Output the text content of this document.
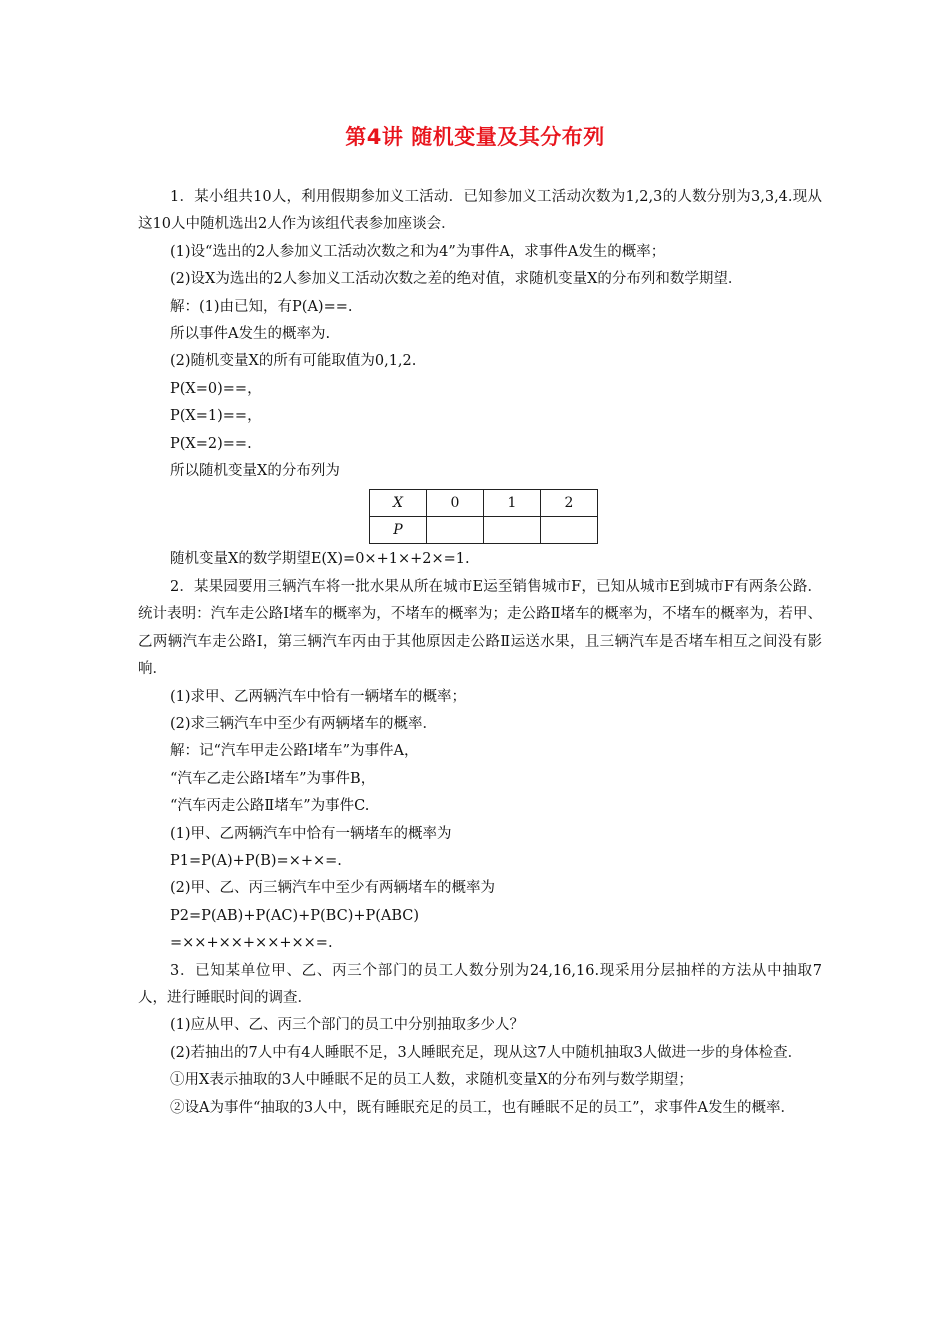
第4讲 随机变量及其分布列

1．某小组共10人，利用假期参加义工活动．已知参加义工活动次数为1,2,3的人数分别为3,3,4.现从这10人中随机选出2人作为该组代表参加座谈会．

(1)设“选出的2人参加义工活动次数之和为4”为事件A，求事件A发生的概率；

(2)设X为选出的2人参加义工活动次数之差的绝对值，求随机变量X的分布列和数学期望．

解：(1)由已知，有P(A)==.

所以事件A发生的概率为.

(2)随机变量X的所有可能取值为0,1,2.

P(X=0)==，

P(X=1)==，

P(X=2)==.

所以随机变量X的分布列为

X	0	1	2
P			

随机变量X的数学期望E(X)=0×+1×+2×=1.

2．某果园要用三辆汽车将一批水果从所在城市E运至销售城市F，已知从城市E到城市F有两条公路．统计表明：汽车走公路Ⅰ堵车的概率为，不堵车的概率为；走公路Ⅱ堵车的概率为，不堵车的概率为，若甲、乙两辆汽车走公路Ⅰ，第三辆汽车丙由于其他原因走公路Ⅱ运送水果，且三辆汽车是否堵车相互之间没有影响．

(1)求甲、乙两辆汽车中恰有一辆堵车的概率；

(2)求三辆汽车中至少有两辆堵车的概率．

解：记“汽车甲走公路Ⅰ堵车”为事件A，

“汽车乙走公路Ⅰ堵车”为事件B，

“汽车丙走公路Ⅱ堵车”为事件C.

(1)甲、乙两辆汽车中恰有一辆堵车的概率为

P1=P(A)+P(B)=×+×=.

(2)甲、乙、丙三辆汽车中至少有两辆堵车的概率为

P2=P(AB)+P(AC)+P(BC)+P(ABC)

=××+××+××+××=.

3．已知某单位甲、乙、丙三个部门的员工人数分别为24,16,16.现采用分层抽样的方法从中抽取7人，进行睡眠时间的调查．

(1)应从甲、乙、丙三个部门的员工中分别抽取多少人？

(2)若抽出的7人中有4人睡眠不足，3人睡眠充足，现从这7人中随机抽取3人做进一步的身体检查．

①用X表示抽取的3人中睡眠不足的员工人数，求随机变量X的分布列与数学期望；

②设A为事件“抽取的3人中，既有睡眠充足的员工，也有睡眠不足的员工”，求事件A发生的概率．
